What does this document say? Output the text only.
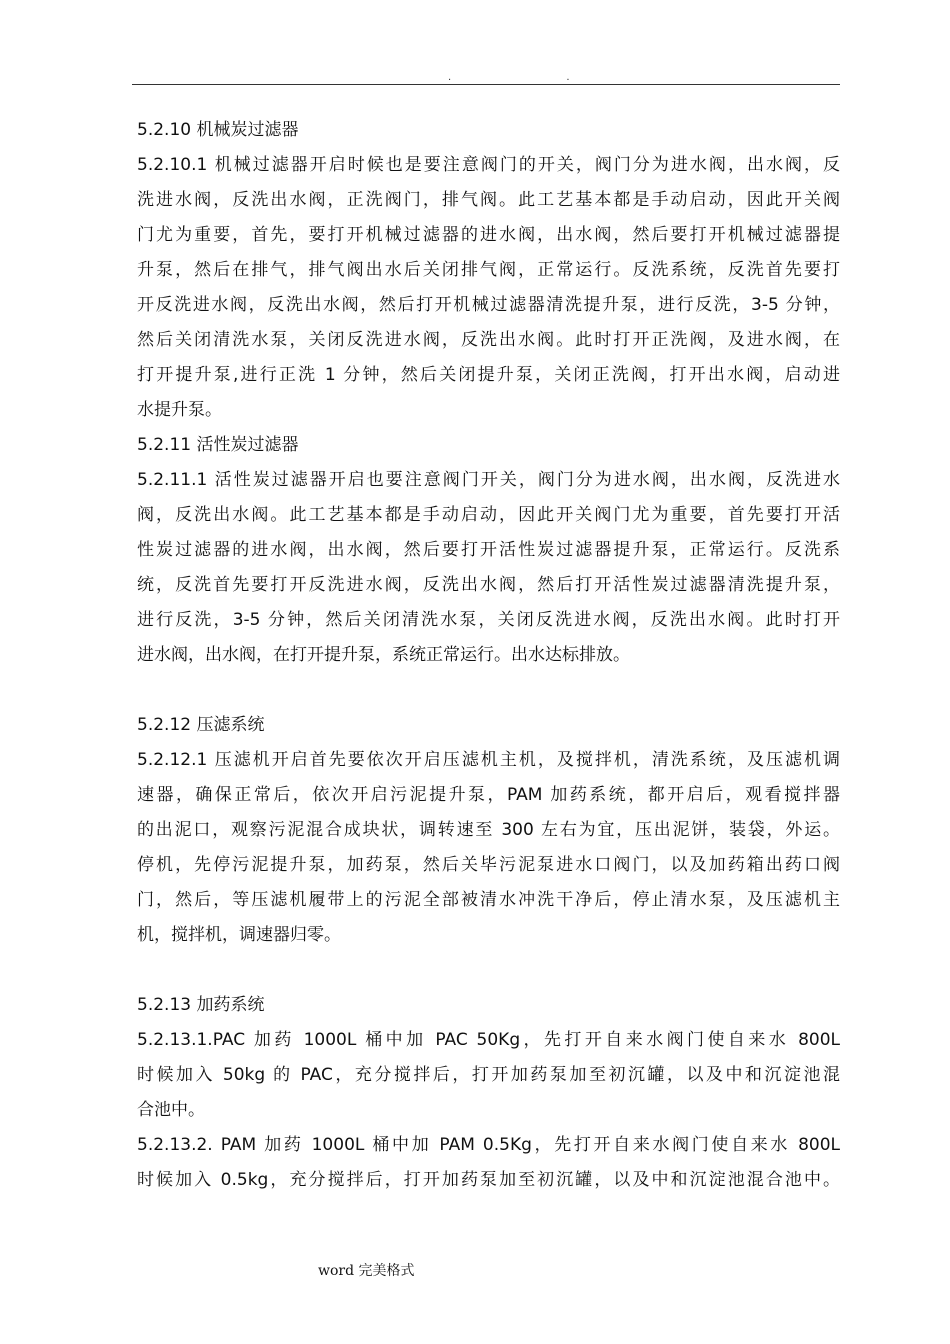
. .
5.2.10 机械炭过滤器
5.2.10.1 机械过滤器开启时候也是要注意阀门的开关，阀门分为进水阀，出水阀，反
洗进水阀，反洗出水阀，正洗阀门，排气阀。此工艺基本都是手动启动，因此开关阀
门尤为重要，首先，要打开机械过滤器的进水阀，出水阀，然后要打开机械过滤器提
升泵，然后在排气，排气阀出水后关闭排气阀，正常运行。反洗系统，反洗首先要打
开反洗进水阀，反洗出水阀，然后打开机械过滤器清洗提升泵，进行反洗，3-5 分钟，
然后关闭清洗水泵，关闭反洗进水阀，反洗出水阀。此时打开正洗阀，及进水阀，在
打开提升泵,进行正洗 1 分钟，然后关闭提升泵，关闭正洗阀，打开出水阀，启动进
水提升泵。
5.2.11 活性炭过滤器
5.2.11.1 活性炭过滤器开启也要注意阀门开关，阀门分为进水阀，出水阀，反洗进水
阀，反洗出水阀。此工艺基本都是手动启动，因此开关阀门尤为重要，首先要打开活
性炭过滤器的进水阀，出水阀，然后要打开活性炭过滤器提升泵，正常运行。反洗系
统，反洗首先要打开反洗进水阀，反洗出水阀，然后打开活性炭过滤器清洗提升泵，
进行反洗，3-5 分钟，然后关闭清洗水泵，关闭反洗进水阀，反洗出水阀。此时打开
进水阀，出水阀，在打开提升泵，系统正常运行。出水达标排放。
5.2.12 压滤系统
5.2.12.1 压滤机开启首先要依次开启压滤机主机，及搅拌机，清洗系统，及压滤机调
速器，确保正常后，依次开启污泥提升泵，PAM 加药系统，都开启后，观看搅拌器
的出泥口，观察污泥混合成块状，调转速至 300 左右为宜，压出泥饼，装袋，外运。
停机，先停污泥提升泵，加药泵，然后关毕污泥泵进水口阀门，以及加药箱出药口阀
门，然后，等压滤机履带上的污泥全部被清水冲洗干净后，停止清水泵，及压滤机主
机，搅拌机，调速器归零。
5.2.13 加药系统
5.2.13.1.PAC 加药 1000L 桶中加 PAC 50Kg，先打开自来水阀门使自来水 800L
时候加入 50kg 的 PAC，充分搅拌后，打开加药泵加至初沉罐，以及中和沉淀池混
合池中。
5.2.13.2. PAM 加药 1000L 桶中加 PAM 0.5Kg，先打开自来水阀门使自来水 800L
时候加入 0.5kg，充分搅拌后，打开加药泵加至初沉罐，以及中和沉淀池混合池中。
word 完美格式
